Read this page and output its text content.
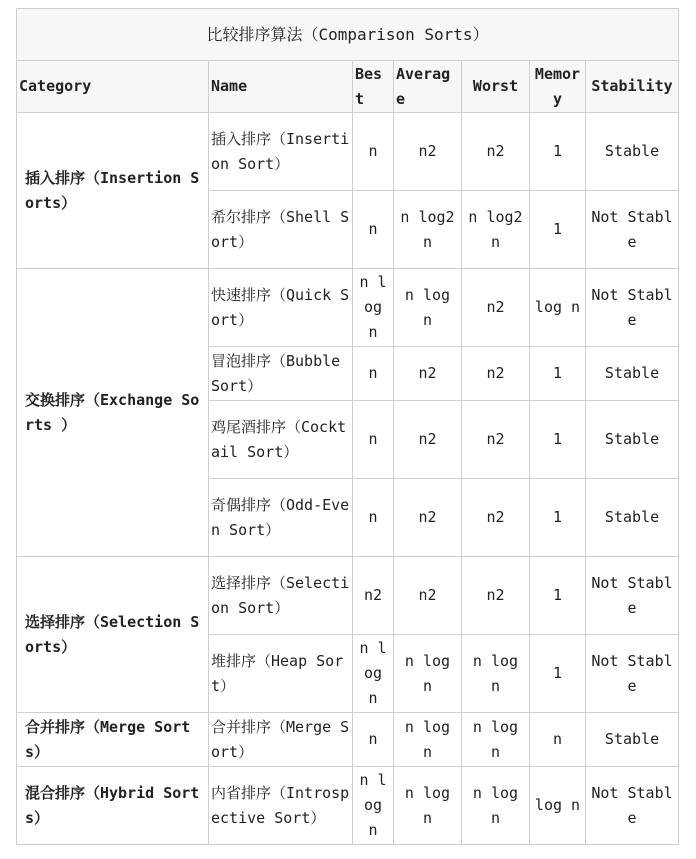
比较排序算法（Comparison Sorts）						
Category	Name	Best	Average	Worst	Memory	Stability
插入排序（Insertion Sorts）	插入排序（Insertion Sort）	n	n2	n2	1	Stable
	希尔排序（Shell Sort）	n	n log2 n	n log2 n	1	Not Stable
交换排序（Exchange Sorts ）	快速排序（Quick Sort）	n log n	n log n	n2	log n	Not Stable
	冒泡排序（Bubble Sort）	n	n2	n2	1	Stable
	鸡尾酒排序（Cocktail Sort）	n	n2	n2	1	Stable
	奇偶排序（Odd-Even Sort）	n	n2	n2	1	Stable
选择排序（Selection Sorts）	选择排序（Selection Sort）	n2	n2	n2	1	Not Stable
	堆排序（Heap Sort）	n log n	n log n	n log n	1	Not Stable
合并排序（Merge Sorts）	合并排序（Merge Sort）	n	n log n	n log n	n	Stable
混合排序（Hybrid Sorts）	内省排序（Introspective Sort）	n log n	n log n	n log n	log n	Not Stable
